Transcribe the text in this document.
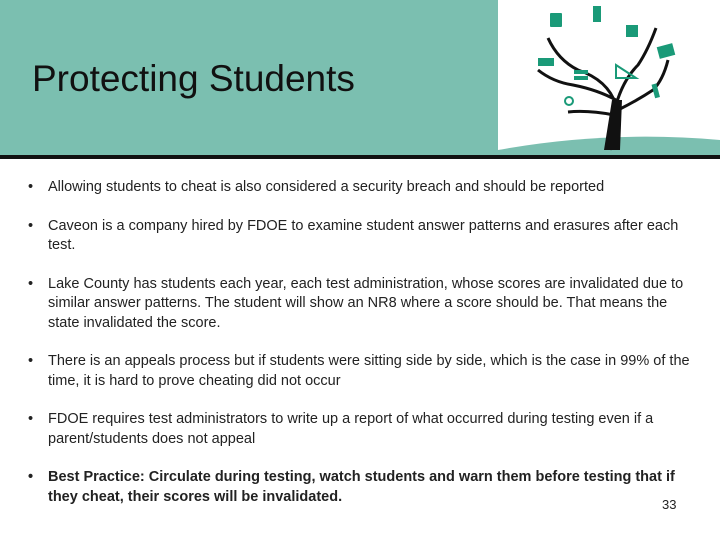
Protecting Students
• Allowing students to cheat is also considered a security breach and should be reported
• Caveon is a company hired by FDOE to examine student answer patterns and erasures after each test.
• Lake County has students each year, each test administration, whose scores are invalidated due to similar answer patterns. The student will show an NR8 where a score should be. That means the state invalidated the score.
• There is an appeals process but if students were sitting side by side, which is the case in 99% of the time, it is hard to prove cheating did not occur
• FDOE requires test administrators to write up a report of what occurred during testing even if a parent/students does not appeal
• Best Practice: Circulate during testing, watch students and warn them before testing that if they cheat, their scores will be invalidated.	33
